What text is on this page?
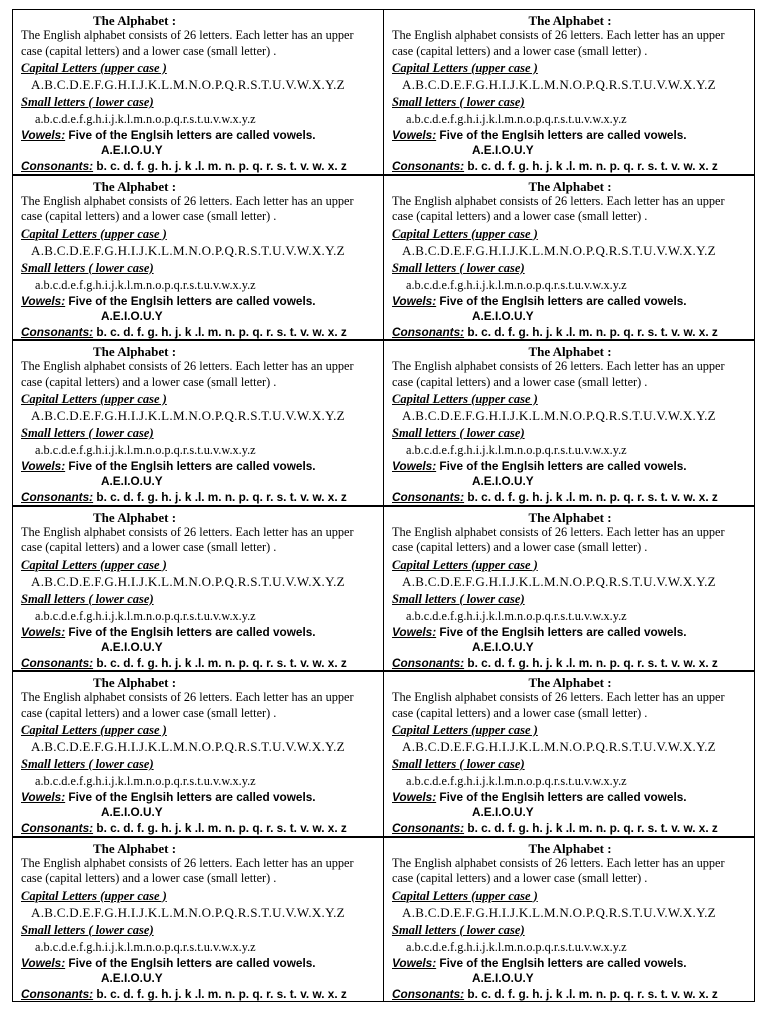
The Alphabet :
The English alphabet consists of 26 letters. Each letter has an upper case (capital letters) and a lower case (small letter) .
Capital Letters (upper case )
A.B.C.D.E.F.G.H.I.J.K.L.M.N.O.P.Q.R.S.T.U.V.W.X.Y.Z
Small letters ( lower case)
a.b.c.d.e.f.g.h.i.j.k.l.m.n.o.p.q.r.s.t.u.v.w.x.y.z
Vowels: Five of the Englsih letters are called vowels.
A.E.I.O.U.Y
Consonants: b. c. d. f. g. h. j. k .l. m. n. p. q. r. s. t. v. w. x. z
The Alphabet :
The English alphabet consists of 26 letters. Each letter has an upper case (capital letters) and a lower case (small letter) .
Capital Letters (upper case )
A.B.C.D.E.F.G.H.I.J.K.L.M.N.O.P.Q.R.S.T.U.V.W.X.Y.Z
Small letters ( lower case)
a.b.c.d.e.f.g.h.i.j.k.l.m.n.o.p.q.r.s.t.u.v.w.x.y.z
Vowels: Five of the Englsih letters are called vowels.
A.E.I.O.U.Y
Consonants: b. c. d. f. g. h. j. k .l. m. n. p. q. r. s. t. v. w. x. z
The Alphabet :
The English alphabet consists of 26 letters. Each letter has an upper case (capital letters) and a lower case (small letter) .
Capital Letters (upper case )
A.B.C.D.E.F.G.H.I.J.K.L.M.N.O.P.Q.R.S.T.U.V.W.X.Y.Z
Small letters ( lower case)
a.b.c.d.e.f.g.h.i.j.k.l.m.n.o.p.q.r.s.t.u.v.w.x.y.z
Vowels: Five of the Englsih letters are called vowels.
A.E.I.O.U.Y
Consonants: b. c. d. f. g. h. j. k .l. m. n. p. q. r. s. t. v. w. x. z
The Alphabet :
The English alphabet consists of 26 letters. Each letter has an upper case (capital letters) and a lower case (small letter) .
Capital Letters (upper case )
A.B.C.D.E.F.G.H.I.J.K.L.M.N.O.P.Q.R.S.T.U.V.W.X.Y.Z
Small letters ( lower case)
a.b.c.d.e.f.g.h.i.j.k.l.m.n.o.p.q.r.s.t.u.v.w.x.y.z
Vowels: Five of the Englsih letters are called vowels.
A.E.I.O.U.Y
Consonants: b. c. d. f. g. h. j. k .l. m. n. p. q. r. s. t. v. w. x. z
The Alphabet :
The English alphabet consists of 26 letters. Each letter has an upper case (capital letters) and a lower case (small letter) .
Capital Letters (upper case )
A.B.C.D.E.F.G.H.I.J.K.L.M.N.O.P.Q.R.S.T.U.V.W.X.Y.Z
Small letters ( lower case)
a.b.c.d.e.f.g.h.i.j.k.l.m.n.o.p.q.r.s.t.u.v.w.x.y.z
Vowels: Five of the Englsih letters are called vowels.
A.E.I.O.U.Y
Consonants: b. c. d. f. g. h. j. k .l. m. n. p. q. r. s. t. v. w. x. z
The Alphabet :
The English alphabet consists of 26 letters. Each letter has an upper case (capital letters) and a lower case (small letter) .
Capital Letters (upper case )
A.B.C.D.E.F.G.H.I.J.K.L.M.N.O.P.Q.R.S.T.U.V.W.X.Y.Z
Small letters ( lower case)
a.b.c.d.e.f.g.h.i.j.k.l.m.n.o.p.q.r.s.t.u.v.w.x.y.z
Vowels: Five of the Englsih letters are called vowels.
A.E.I.O.U.Y
Consonants: b. c. d. f. g. h. j. k .l. m. n. p. q. r. s. t. v. w. x. z
The Alphabet :
The English alphabet consists of 26 letters. Each letter has an upper case (capital letters) and a lower case (small letter) .
Capital Letters (upper case )
A.B.C.D.E.F.G.H.I.J.K.L.M.N.O.P.Q.R.S.T.U.V.W.X.Y.Z
Small letters ( lower case)
a.b.c.d.e.f.g.h.i.j.k.l.m.n.o.p.q.r.s.t.u.v.w.x.y.z
Vowels: Five of the Englsih letters are called vowels.
A.E.I.O.U.Y
Consonants: b. c. d. f. g. h. j. k .l. m. n. p. q. r. s. t. v. w. x. z
The Alphabet :
The English alphabet consists of 26 letters. Each letter has an upper case (capital letters) and a lower case (small letter) .
Capital Letters (upper case )
A.B.C.D.E.F.G.H.I.J.K.L.M.N.O.P.Q.R.S.T.U.V.W.X.Y.Z
Small letters ( lower case)
a.b.c.d.e.f.g.h.i.j.k.l.m.n.o.p.q.r.s.t.u.v.w.x.y.z
Vowels: Five of the Englsih letters are called vowels.
A.E.I.O.U.Y
Consonants: b. c. d. f. g. h. j. k .l. m. n. p. q. r. s. t. v. w. x. z
The Alphabet :
The English alphabet consists of 26 letters. Each letter has an upper case (capital letters) and a lower case (small letter) .
Capital Letters (upper case )
A.B.C.D.E.F.G.H.I.J.K.L.M.N.O.P.Q.R.S.T.U.V.W.X.Y.Z
Small letters ( lower case)
a.b.c.d.e.f.g.h.i.j.k.l.m.n.o.p.q.r.s.t.u.v.w.x.y.z
Vowels: Five of the Englsih letters are called vowels.
A.E.I.O.U.Y
Consonants: b. c. d. f. g. h. j. k .l. m. n. p. q. r. s. t. v. w. x. z
The Alphabet :
The English alphabet consists of 26 letters. Each letter has an upper case (capital letters) and a lower case (small letter) .
Capital Letters (upper case )
A.B.C.D.E.F.G.H.I.J.K.L.M.N.O.P.Q.R.S.T.U.V.W.X.Y.Z
Small letters ( lower case)
a.b.c.d.e.f.g.h.i.j.k.l.m.n.o.p.q.r.s.t.u.v.w.x.y.z
Vowels: Five of the Englsih letters are called vowels.
A.E.I.O.U.Y
Consonants: b. c. d. f. g. h. j. k .l. m. n. p. q. r. s. t. v. w. x. z
The Alphabet :
The English alphabet consists of 26 letters. Each letter has an upper case (capital letters) and a lower case (small letter) .
Capital Letters (upper case )
A.B.C.D.E.F.G.H.I.J.K.L.M.N.O.P.Q.R.S.T.U.V.W.X.Y.Z
Small letters ( lower case)
a.b.c.d.e.f.g.h.i.j.k.l.m.n.o.p.q.r.s.t.u.v.w.x.y.z
Vowels: Five of the Englsih letters are called vowels.
A.E.I.O.U.Y
Consonants: b. c. d. f. g. h. j. k .l. m. n. p. q. r. s. t. v. w. x. z
The Alphabet :
The English alphabet consists of 26 letters. Each letter has an upper case (capital letters) and a lower case (small letter) .
Capital Letters (upper case )
A.B.C.D.E.F.G.H.I.J.K.L.M.N.O.P.Q.R.S.T.U.V.W.X.Y.Z
Small letters ( lower case)
a.b.c.d.e.f.g.h.i.j.k.l.m.n.o.p.q.r.s.t.u.v.w.x.y.z
Vowels: Five of the Englsih letters are called vowels.
A.E.I.O.U.Y
Consonants: b. c. d. f. g. h. j. k .l. m. n. p. q. r. s. t. v. w. x. z
